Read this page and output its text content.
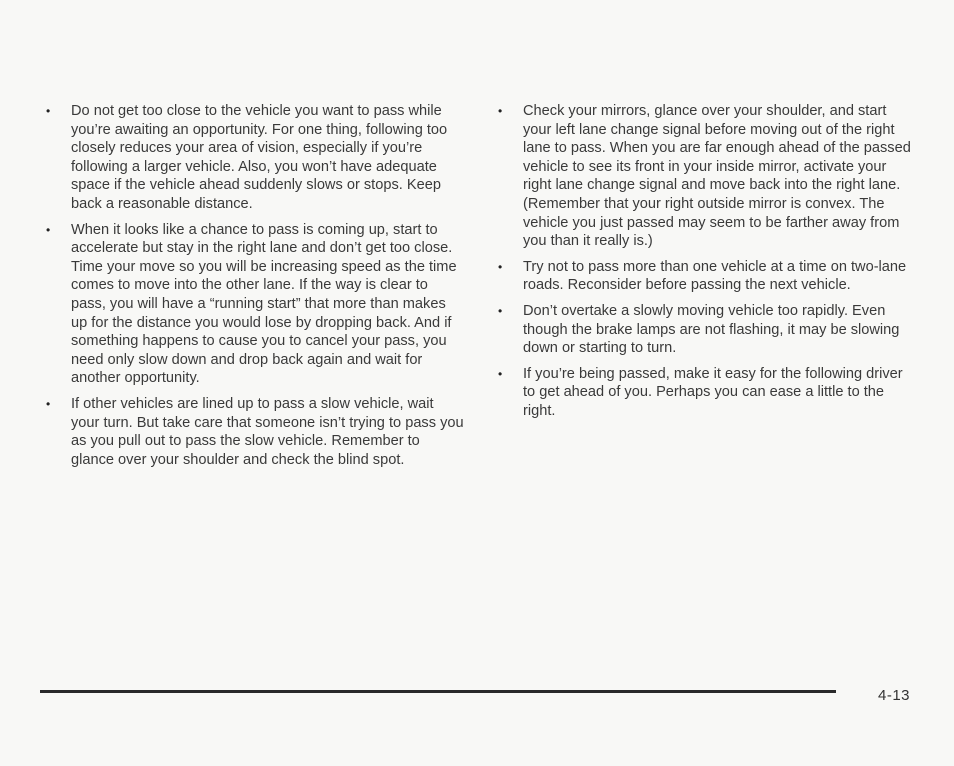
•	Do not get too close to the vehicle you want to pass while you’re awaiting an opportunity. For one thing, following too closely reduces your area of vision, especially if you’re following a larger vehicle. Also, you won’t have adequate space if the vehicle ahead suddenly slows or stops. Keep back a reasonable distance.
•	When it looks like a chance to pass is coming up, start to accelerate but stay in the right lane and don’t get too close. Time your move so you will be increasing speed as the time comes to move into the other lane. If the way is clear to pass, you will have a “running start” that more than makes up for the distance you would lose by dropping back. And if something happens to cause you to cancel your pass, you need only slow down and drop back again and wait for another opportunity.
•	If other vehicles are lined up to pass a slow vehicle, wait your turn. But take care that someone isn’t trying to pass you as you pull out to pass the slow vehicle. Remember to glance over your shoulder and check the blind spot.
•	Check your mirrors, glance over your shoulder, and start your left lane change signal before moving out of the right lane to pass. When you are far enough ahead of the passed vehicle to see its front in your inside mirror, activate your right lane change signal and move back into the right lane. (Remember that your right outside mirror is convex. The vehicle you just passed may seem to be farther away from you than it really is.)
•	Try not to pass more than one vehicle at a time on two-lane roads. Reconsider before passing the next vehicle.
•	Don’t overtake a slowly moving vehicle too rapidly. Even though the brake lamps are not flashing, it may be slowing down or starting to turn.
•	If you’re being passed, make it easy for the following driver to get ahead of you. Perhaps you can ease a little to the right.
4-13
